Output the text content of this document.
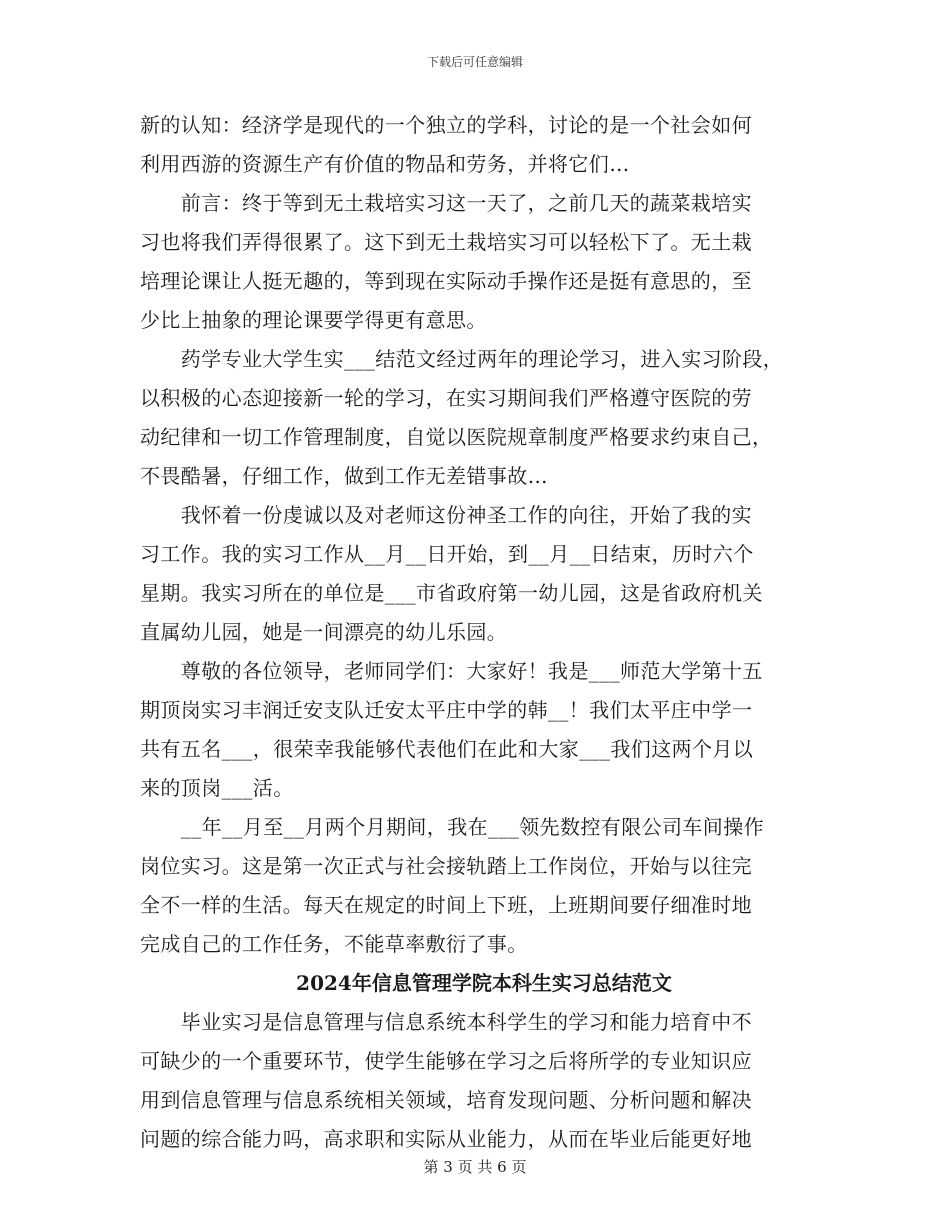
下载后可任意编辑
新的认知：经济学是现代的一个独立的学科，讨论的是一个社会如何
利用西游的资源生产有价值的物品和劳务，并将它们…
　　前言：终于等到无土栽培实习这一天了，之前几天的蔬菜栽培实
习也将我们弄得很累了。这下到无土栽培实习可以轻松下了。无土栽
培理论课让人挺无趣的，等到现在实际动手操作还是挺有意思的，至
少比上抽象的理论课要学得更有意思。
　　药学专业大学生实___结范文经过两年的理论学习，进入实习阶段，
以积极的心态迎接新一轮的学习，在实习期间我们严格遵守医院的劳
动纪律和一切工作管理制度，自觉以医院规章制度严格要求约束自己，
不畏酷暑，仔细工作，做到工作无差错事故…
　　我怀着一份虔诚以及对老师这份神圣工作的向往，开始了我的实
习工作。我的实习工作从__月__日开始，到__月__日结束，历时六个
星期。我实习所在的单位是___市省政府第一幼儿园，这是省政府机关
直属幼儿园，她是一间漂亮的幼儿乐园。
　　尊敬的各位领导，老师同学们：大家好！我是___师范大学第十五
期顶岗实习丰润迁安支队迁安太平庄中学的韩__！我们太平庄中学一
共有五名___，很荣幸我能够代表他们在此和大家___我们这两个月以
来的顶岗___活。
　　__年__月至__月两个月期间，我在___领先数控有限公司车间操作
岗位实习。这是第一次正式与社会接轨踏上工作岗位，开始与以往完
全不一样的生活。每天在规定的时间上下班，上班期间要仔细准时地
完成自己的工作任务，不能草率敷衍了事。
2024年信息管理学院本科生实习总结范文
　　毕业实习是信息管理与信息系统本科学生的学习和能力培育中不
可缺少的一个重要环节，使学生能够在学习之后将所学的专业知识应
用到信息管理与信息系统相关领域，培育发现问题、分析问题和解决
问题的综合能力吗，高求职和实际从业能力，从而在毕业后能更好地
第 3 页 共 6 页
